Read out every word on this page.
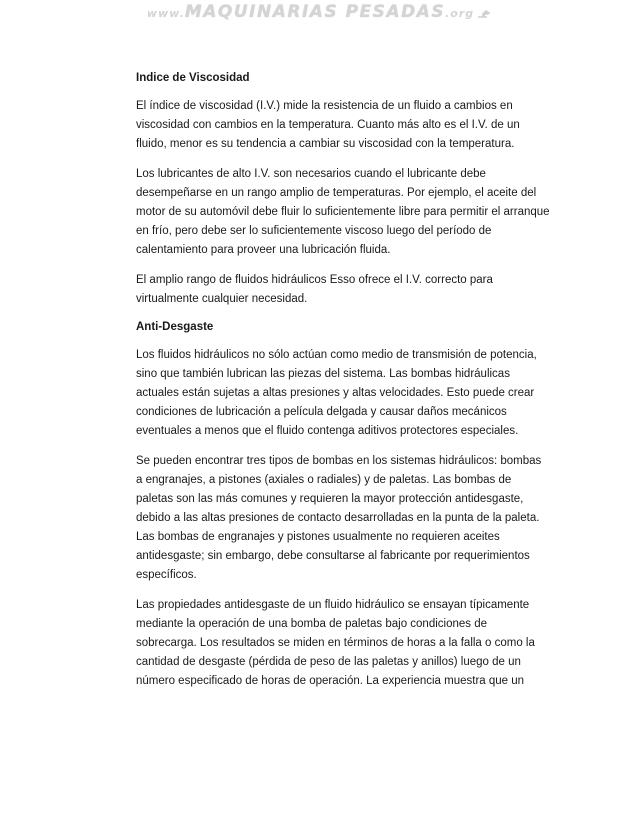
www.MAQUINARIAS PESADAS.org
Indice de Viscosidad
El índice de viscosidad (I.V.) mide la resistencia de un fluido a cambios en
viscosidad con cambios en la temperatura. Cuanto más alto es el I.V. de un
fluido, menor es su tendencia a cambiar su viscosidad con la temperatura.
Los lubricantes de alto I.V. son necesarios cuando el lubricante debe
desempeñarse en un rango amplio de temperaturas. Por ejemplo, el aceite del
motor de su automóvil debe fluir lo suficientemente libre para permitir el arranque
en frío, pero debe ser lo suficientemente viscoso luego del período de
calentamiento para proveer una lubricación fluida.
El amplio rango de fluidos hidráulicos Esso ofrece el I.V. correcto para
virtualmente cualquier necesidad.
Anti-Desgaste
Los fluidos hidráulicos no sólo actúan como medio de transmisión de potencia,
sino que también lubrican las piezas del sistema. Las bombas hidráulicas
actuales están sujetas a altas presiones y altas velocidades. Esto puede crear
condiciones de lubricación a película delgada y causar daños mecánicos
eventuales a menos que el fluido contenga aditivos protectores especiales.
Se pueden encontrar tres tipos de bombas en los sistemas hidráulicos: bombas
a engranajes, a pistones (axiales o radiales) y de paletas. Las bombas de
paletas son las más comunes y requieren la mayor protección antidesgaste,
debido a las altas presiones de contacto desarrolladas en la punta de la paleta.
Las bombas de engranajes y pistones usualmente no requieren aceites
antidesgaste; sin embargo, debe consultarse al fabricante por requerimientos
específicos.
Las propiedades antidesgaste de un fluido hidráulico se ensayan típicamente
mediante la operación de una bomba de paletas bajo condiciones de
sobrecarga. Los resultados se miden en términos de horas a la falla o como la
cantidad de desgaste (pérdida de peso de las paletas y anillos) luego de un
número especificado de horas de operación. La experiencia muestra que un
